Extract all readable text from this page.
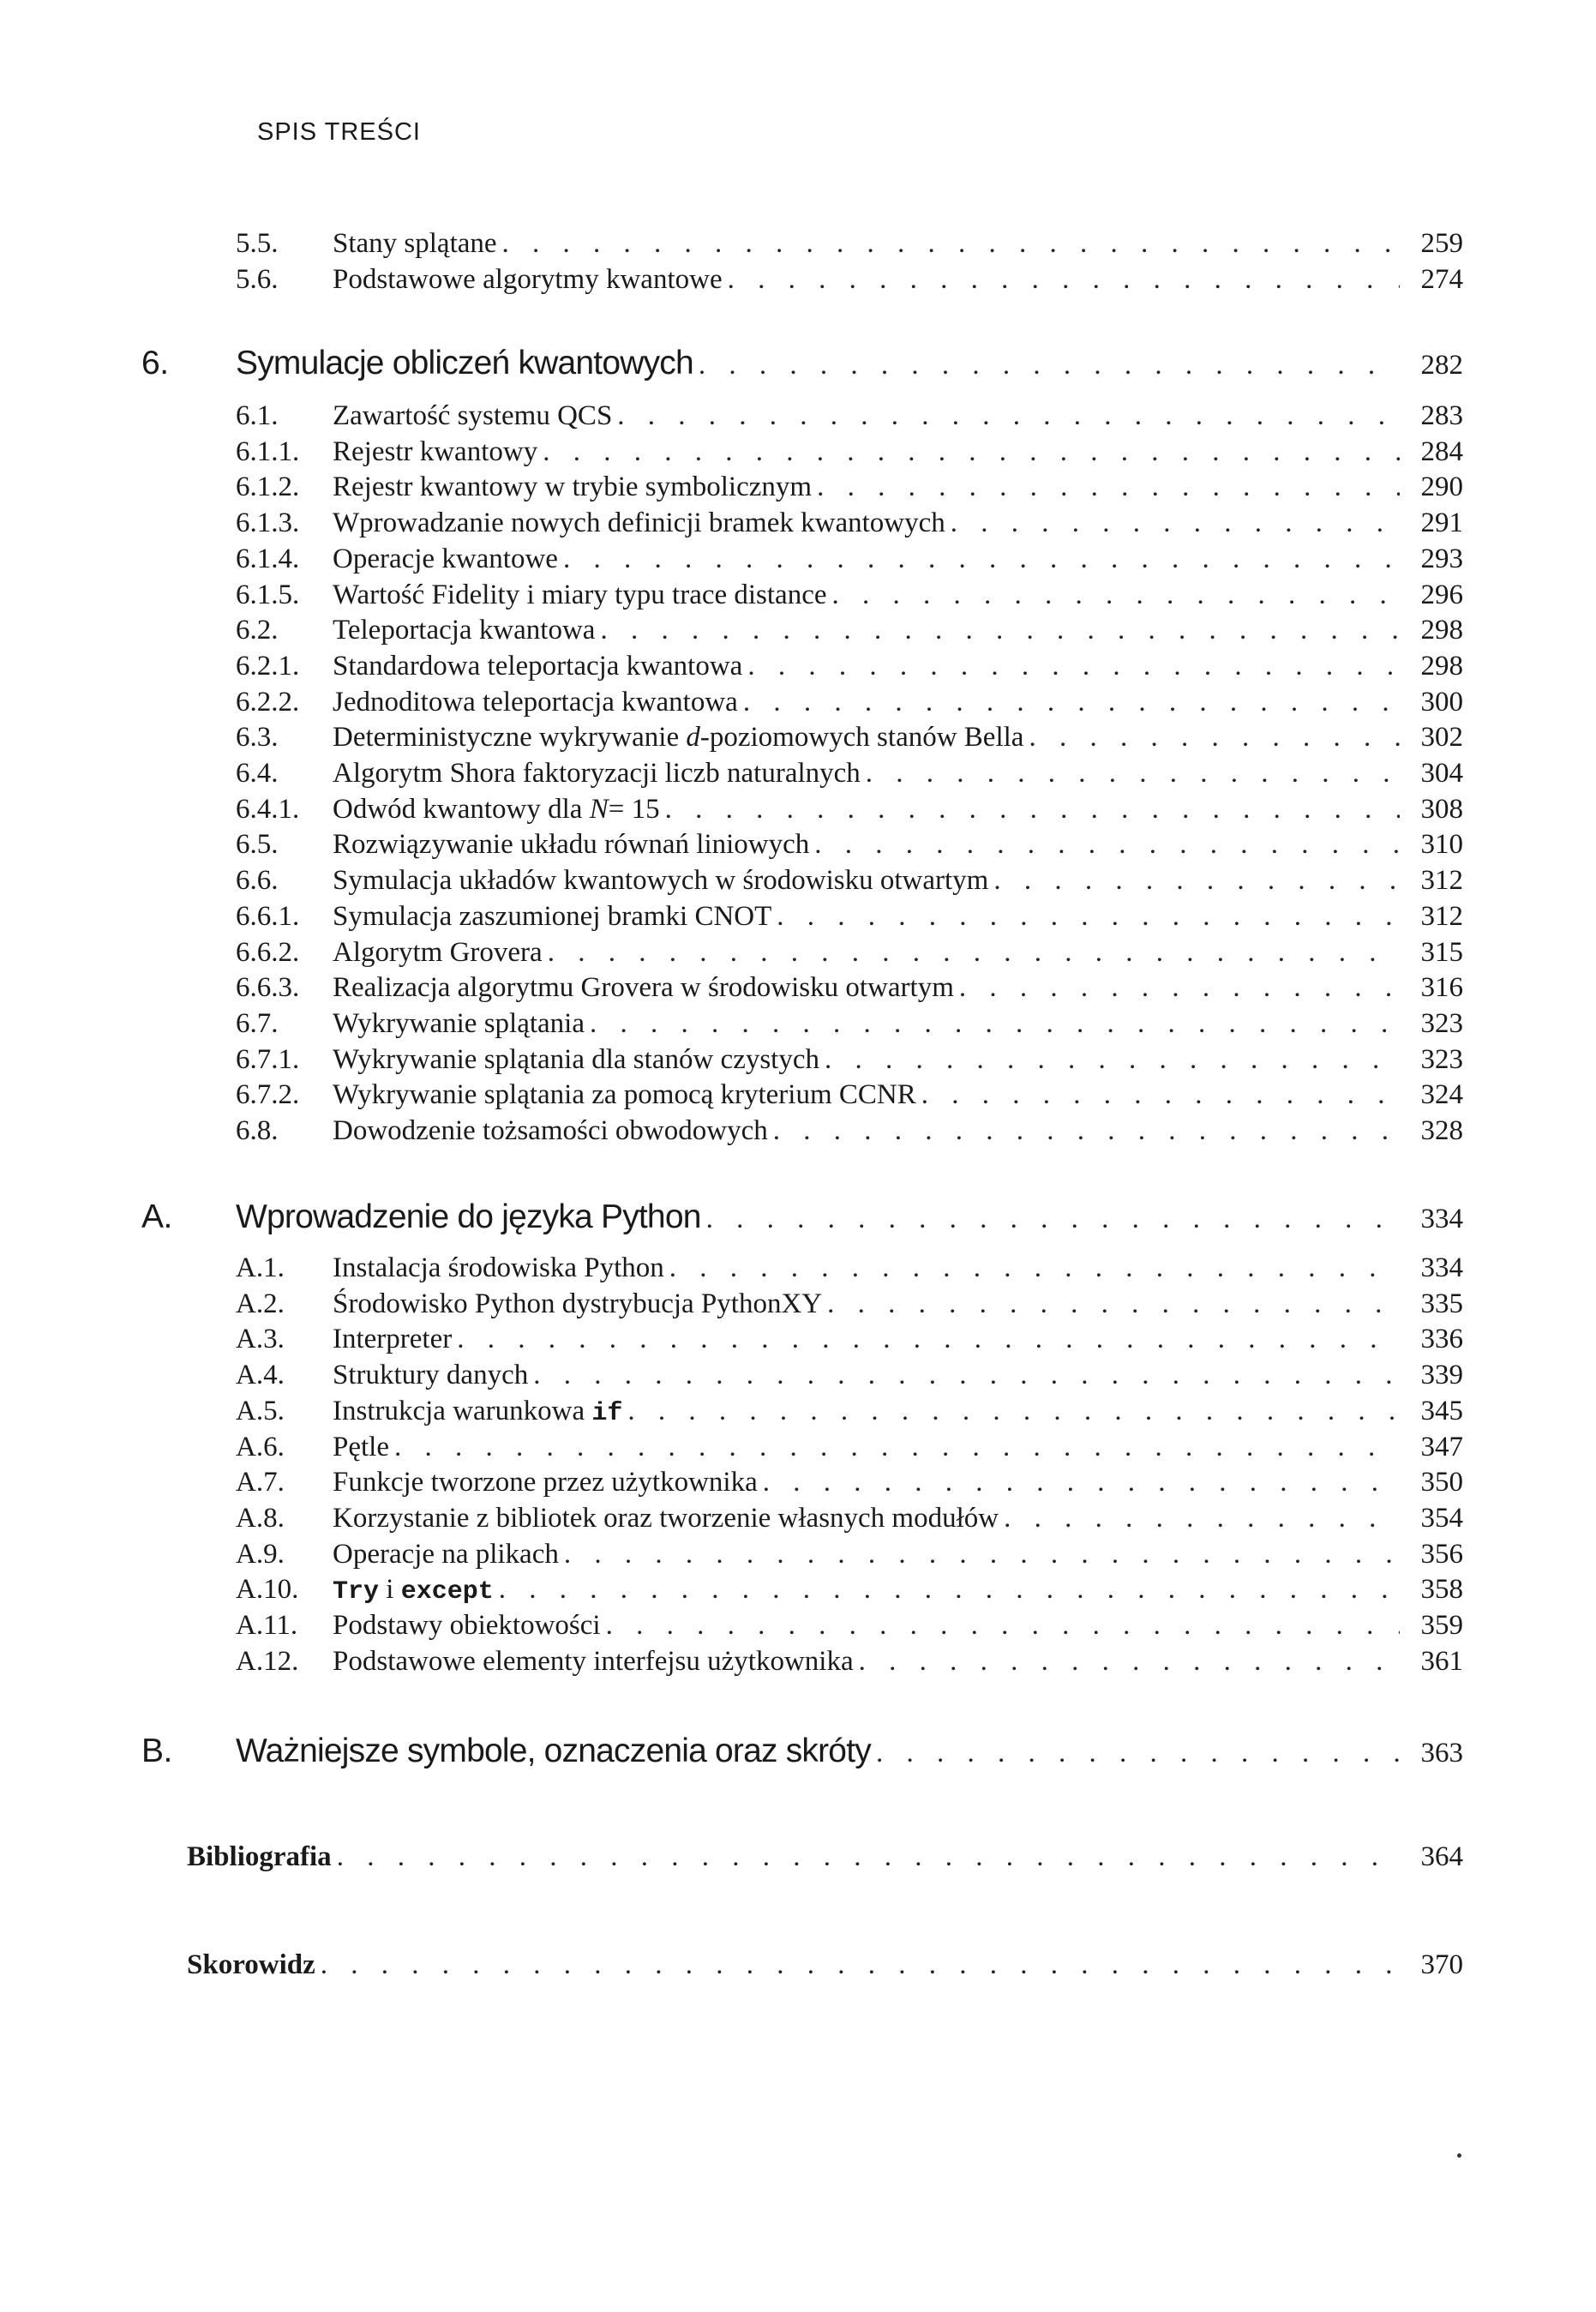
SPIS TREŚCI
5.5. Stany splątane . . .	259
5.6. Podstawowe algorytmy kwantowe . . .	274
6. Symulacje obliczeń kwantowych . . .	282
6.1. Zawartość systemu QCS . . .	283
6.1.1. Rejestr kwantowy . . .	284
6.1.2. Rejestr kwantowy w trybie symbolicznym . . .	290
6.1.3. Wprowadzanie nowych definicji bramek kwantowych . . .	291
6.1.4. Operacje kwantowe . . .	293
6.1.5. Wartość Fidelity i miary typu trace distance . . .	296
6.2. Teleportacja kwantowa . . .	298
6.2.1. Standardowa teleportacja kwantowa . . .	298
6.2.2. Jednoditowa teleportacja kwantowa . . .	300
6.3. Deterministyczne wykrywanie d-poziomowych stanów Bella . . .	302
6.4. Algorytm Shora faktoryzacji liczb naturalnych . . .	304
6.4.1. Odwód kwantowy dla N= 15 . . .	308
6.5. Rozwiązywanie układu równań liniowych . . .	310
6.6. Symulacja układów kwantowych w środowisku otwartym . . .	312
6.6.1. Symulacja zaszumionej bramki CNOT . . .	312
6.6.2. Algorytm Grovera . . .	315
6.6.3. Realizacja algorytmu Grovera w środowisku otwartym . . .	316
6.7. Wykrywanie splątania . . .	323
6.7.1. Wykrywanie splątania dla stanów czystych . . .	323
6.7.2. Wykrywanie splątania za pomocą kryterium CCNR . . .	324
6.8. Dowodzenie tożsamości obwodowych . . .	328
A. Wprowadzenie do języka Python . . .	334
A.1. Instalacja środowiska Python . . .	334
A.2. Środowisko Python dystrybucja PythonXY . . .	335
A.3. Interpreter . . .	336
A.4. Struktury danych . . .	339
A.5. Instrukcja warunkowa if . . .	345
A.6. Pętle . . .	347
A.7. Funkcje tworzone przez użytkownika . . .	350
A.8. Korzystanie z bibliotek oraz tworzenie własnych modułów . . .	354
A.9. Operacje na plikach . . .	356
A.10. Try i except . . .	358
A.11. Podstawy obiektowości . . .	359
A.12. Podstawowe elementy interfejsu użytkownika . . .	361
B. Ważniejsze symbole, oznaczenia oraz skróty . . .	363
Bibliografia . . .	364
Skorowidz . . .	370
